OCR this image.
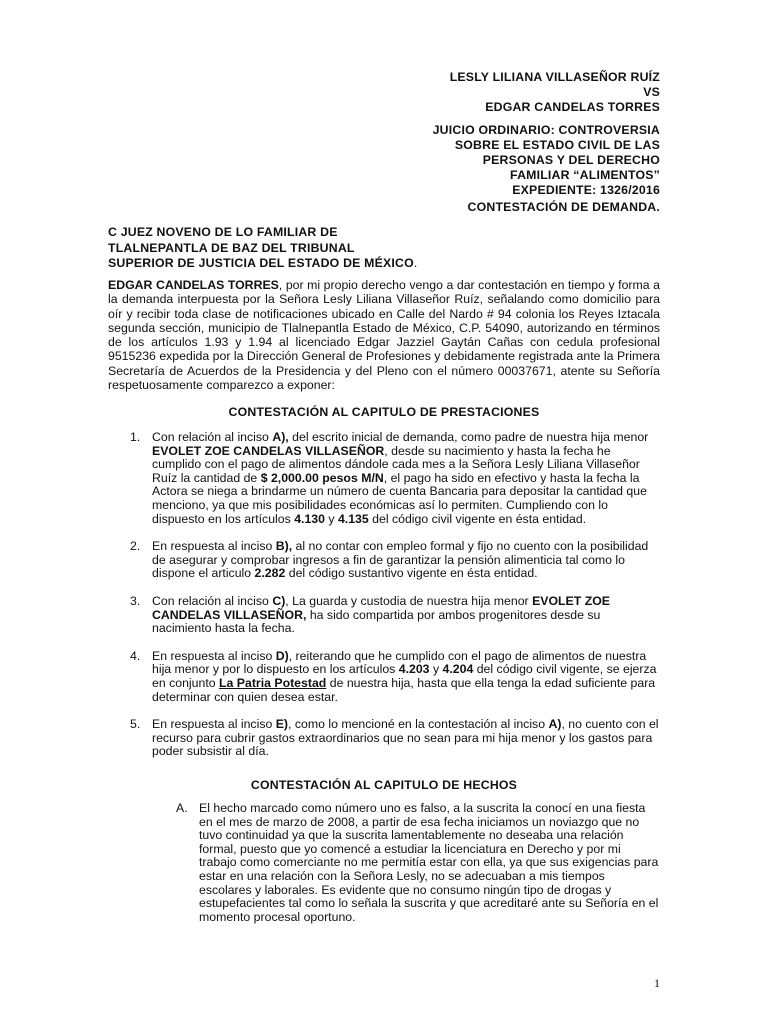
LESLY LILIANA VILLASEÑOR RUÍZ
VS
EDGAR CANDELAS TORRES
JUICIO ORDINARIO: CONTROVERSIA
SOBRE EL ESTADO CIVIL DE LAS
PERSONAS Y DEL DERECHO
FAMILIAR “ALIMENTOS”
EXPEDIENTE: 1326/2016
CONTESTACIÓN DE DEMANDA.
C JUEZ NOVENO DE LO FAMILIAR DE
TLALNEPANTLA DE BAZ DEL TRIBUNAL
SUPERIOR DE JUSTICIA DEL ESTADO DE MÉXICO.

EDGAR CANDELAS TORRES, por mi propio derecho vengo a dar contestación en tiempo y forma a la demanda interpuesta por la Señora Lesly Liliana Villaseñor Ruíz, señalando como domicilio para oír y recibir toda clase de notificaciones ubicado en Calle del Nardo # 94 colonia los Reyes Iztacala segunda sección, municipio de Tlalnepantla Estado de México, C.P. 54090, autorizando en términos de los artículos 1.93 y 1.94 al licenciado Edgar Jazziel Gaytán Cañas con cedula profesional 9515236 expedida por la Dirección General de Profesiones y debidamente registrada ante la Primera Secretaría de Acuerdos de la Presidencia y del Pleno con el número 00037671, atente su Señoría respetuosamente comparezco a exponer:

CONTESTACIÓN AL CAPITULO DE PRESTACIONES
1. Con relación al inciso A), del escrito inicial de demanda, como padre de nuestra hija menor EVOLET ZOE CANDELAS VILLASEÑOR, desde su nacimiento y hasta la fecha he cumplido con el pago de alimentos dándole cada mes a la Señora Lesly Liliana Villaseñor Ruíz la cantidad de $ 2,000.00 pesos M/N, el pago ha sido en efectivo y hasta la fecha la Actora se niega a brindarme un número de cuenta Bancaria para depositar la cantidad que menciono, ya que mis posibilidades económicas así lo permiten. Cumpliendo con lo dispuesto en los artículos 4.130 y 4.135 del código civil vigente en ésta entidad.
2. En respuesta al inciso B), al no contar con empleo formal y fijo no cuento con la posibilidad de asegurar y comprobar ingresos a fin de garantizar la pensión alimenticia tal como lo dispone el articulo 2.282 del código sustantivo vigente en ésta entidad.
3. Con relación al inciso C), La guarda y custodia de nuestra hija menor EVOLET ZOE CANDELAS VILLASEÑOR, ha sido compartida por ambos progenitores desde su nacimiento hasta la fecha.
4. En respuesta al inciso D), reiterando que he cumplido con el pago de alimentos de nuestra hija menor y por lo dispuesto en los artículos 4.203 y 4.204 del código civil vigente, se ejerza en conjunto La Patria Potestad de nuestra hija, hasta que ella tenga la edad suficiente para determinar con quien desea estar.
5. En respuesta al inciso E), como lo mencioné en la contestación al inciso A), no cuento con el recurso para cubrir gastos extraordinarios que no sean para mi hija menor y los gastos para poder subsistir al día.
CONTESTACIÓN AL CAPITULO DE HECHOS
A. El hecho marcado como número uno es falso, a la suscrita la conocí en una fiesta en el mes de marzo de 2008, a partir de esa fecha iniciamos un noviazgo que no tuvo continuidad ya que la suscrita lamentablemente no deseaba una relación formal, puesto que yo comencé a estudiar la licenciatura en Derecho y por mi trabajo como comerciante no me permitía estar con ella, ya que sus exigencias para estar en una relación con la Señora Lesly, no se adecuaban a mis tiempos escolares y laborales. Es evidente que no consumo ningún tipo de drogas y estupefacientes tal como lo señala la suscrita y que acreditaré ante su Señoría en el momento procesal oportuno.
1
